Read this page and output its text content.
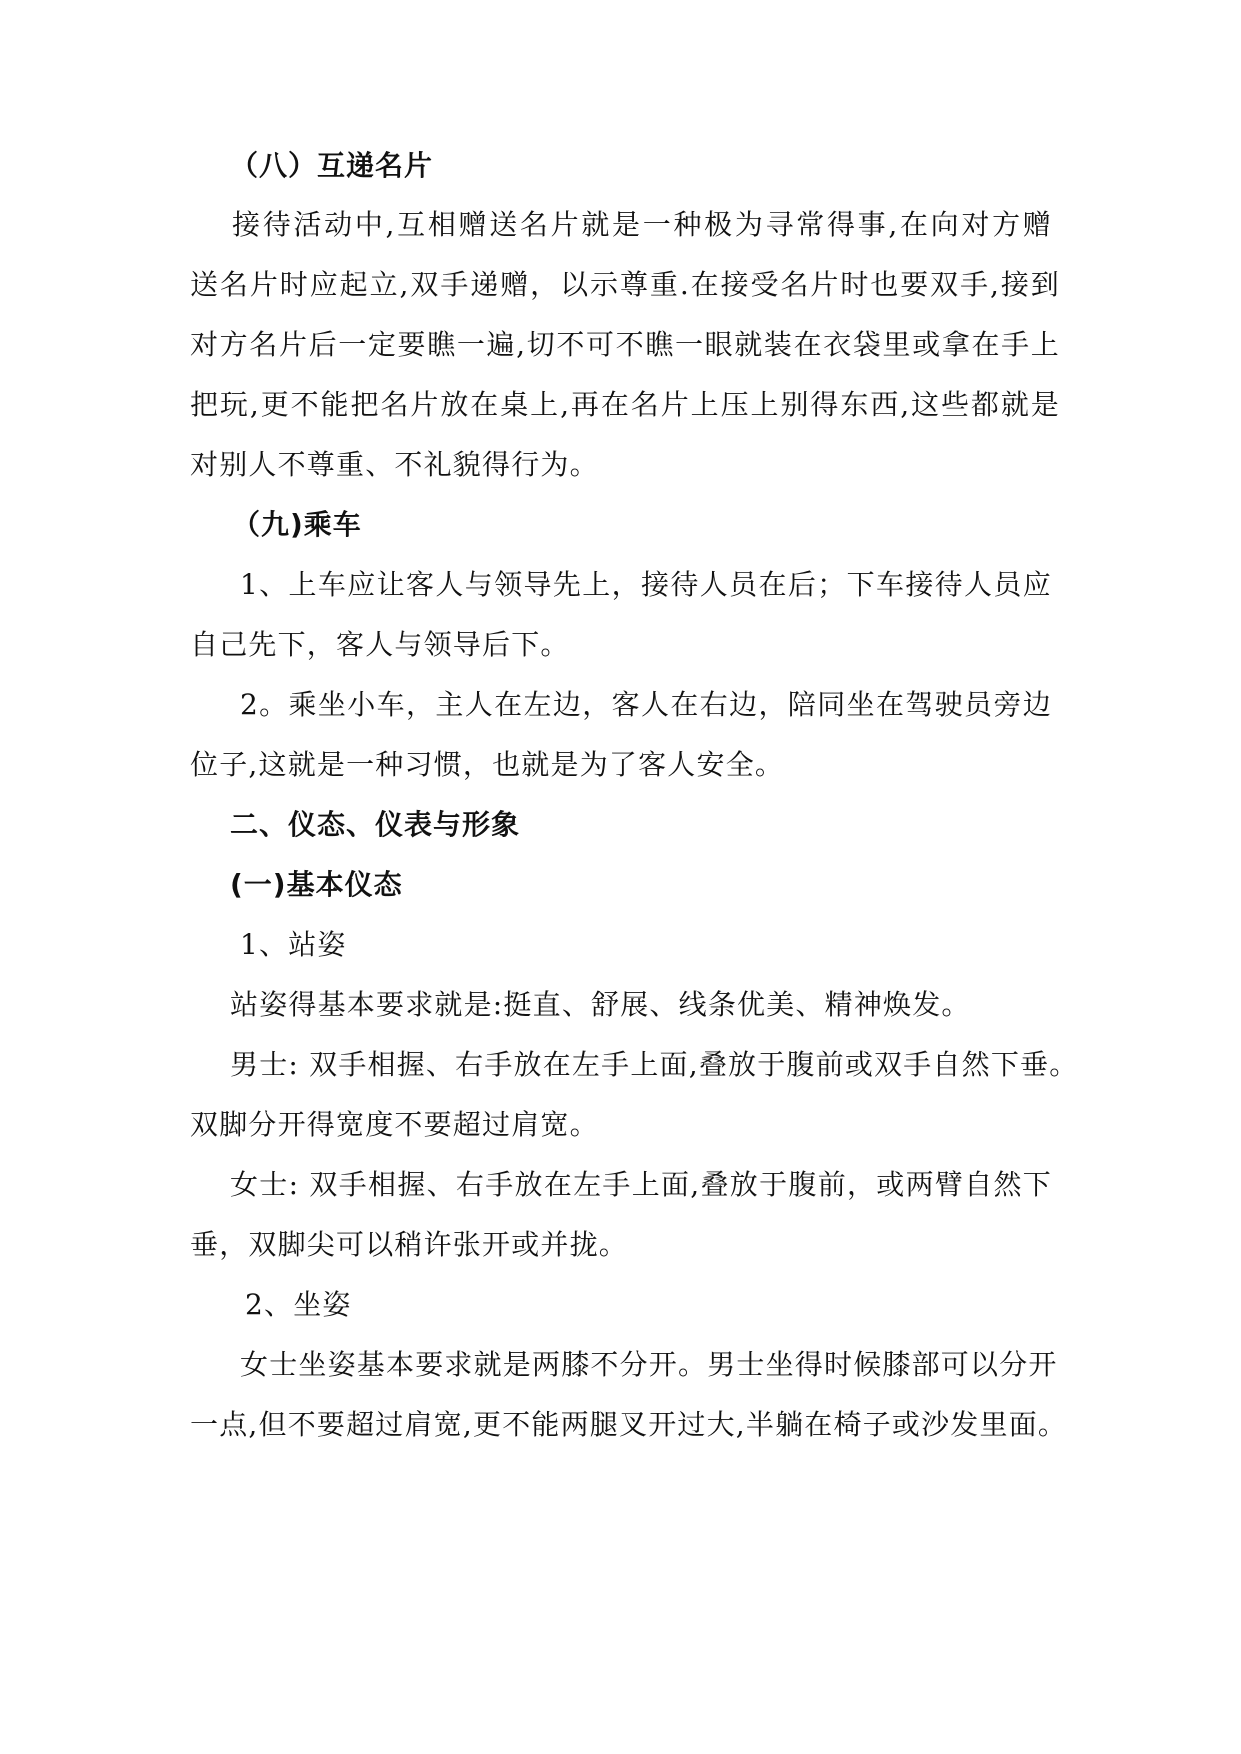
（八）互递名片
接待活动中,互相赠送名片就是一种极为寻常得事,在向对方赠
送名片时应起立,双手递赠，以示尊重.在接受名片时也要双手,接到
对方名片后一定要瞧一遍,切不可不瞧一眼就装在衣袋里或拿在手上
把玩,更不能把名片放在桌上,再在名片上压上别得东西,这些都就是
对别人不尊重、不礼貌得行为。
（九)乘车
1、上车应让客人与领导先上，接待人员在后；下车接待人员应
自己先下，客人与领导后下。
2。乘坐小车，主人在左边，客人在右边，陪同坐在驾驶员旁边
位子,这就是一种习惯，也就是为了客人安全。
二、仪态、仪表与形象
(一)基本仪态
1、站姿
站姿得基本要求就是:挺直、舒展、线条优美、精神焕发。
男士: 双手相握、右手放在左手上面,叠放于腹前或双手自然下垂。
双脚分开得宽度不要超过肩宽。
女士: 双手相握、右手放在左手上面,叠放于腹前，或两臂自然下
垂，双脚尖可以稍许张开或并拢。
2、坐姿
女士坐姿基本要求就是两膝不分开。男士坐得时候膝部可以分开
一点,但不要超过肩宽,更不能两腿叉开过大,半躺在椅子或沙发里面。
